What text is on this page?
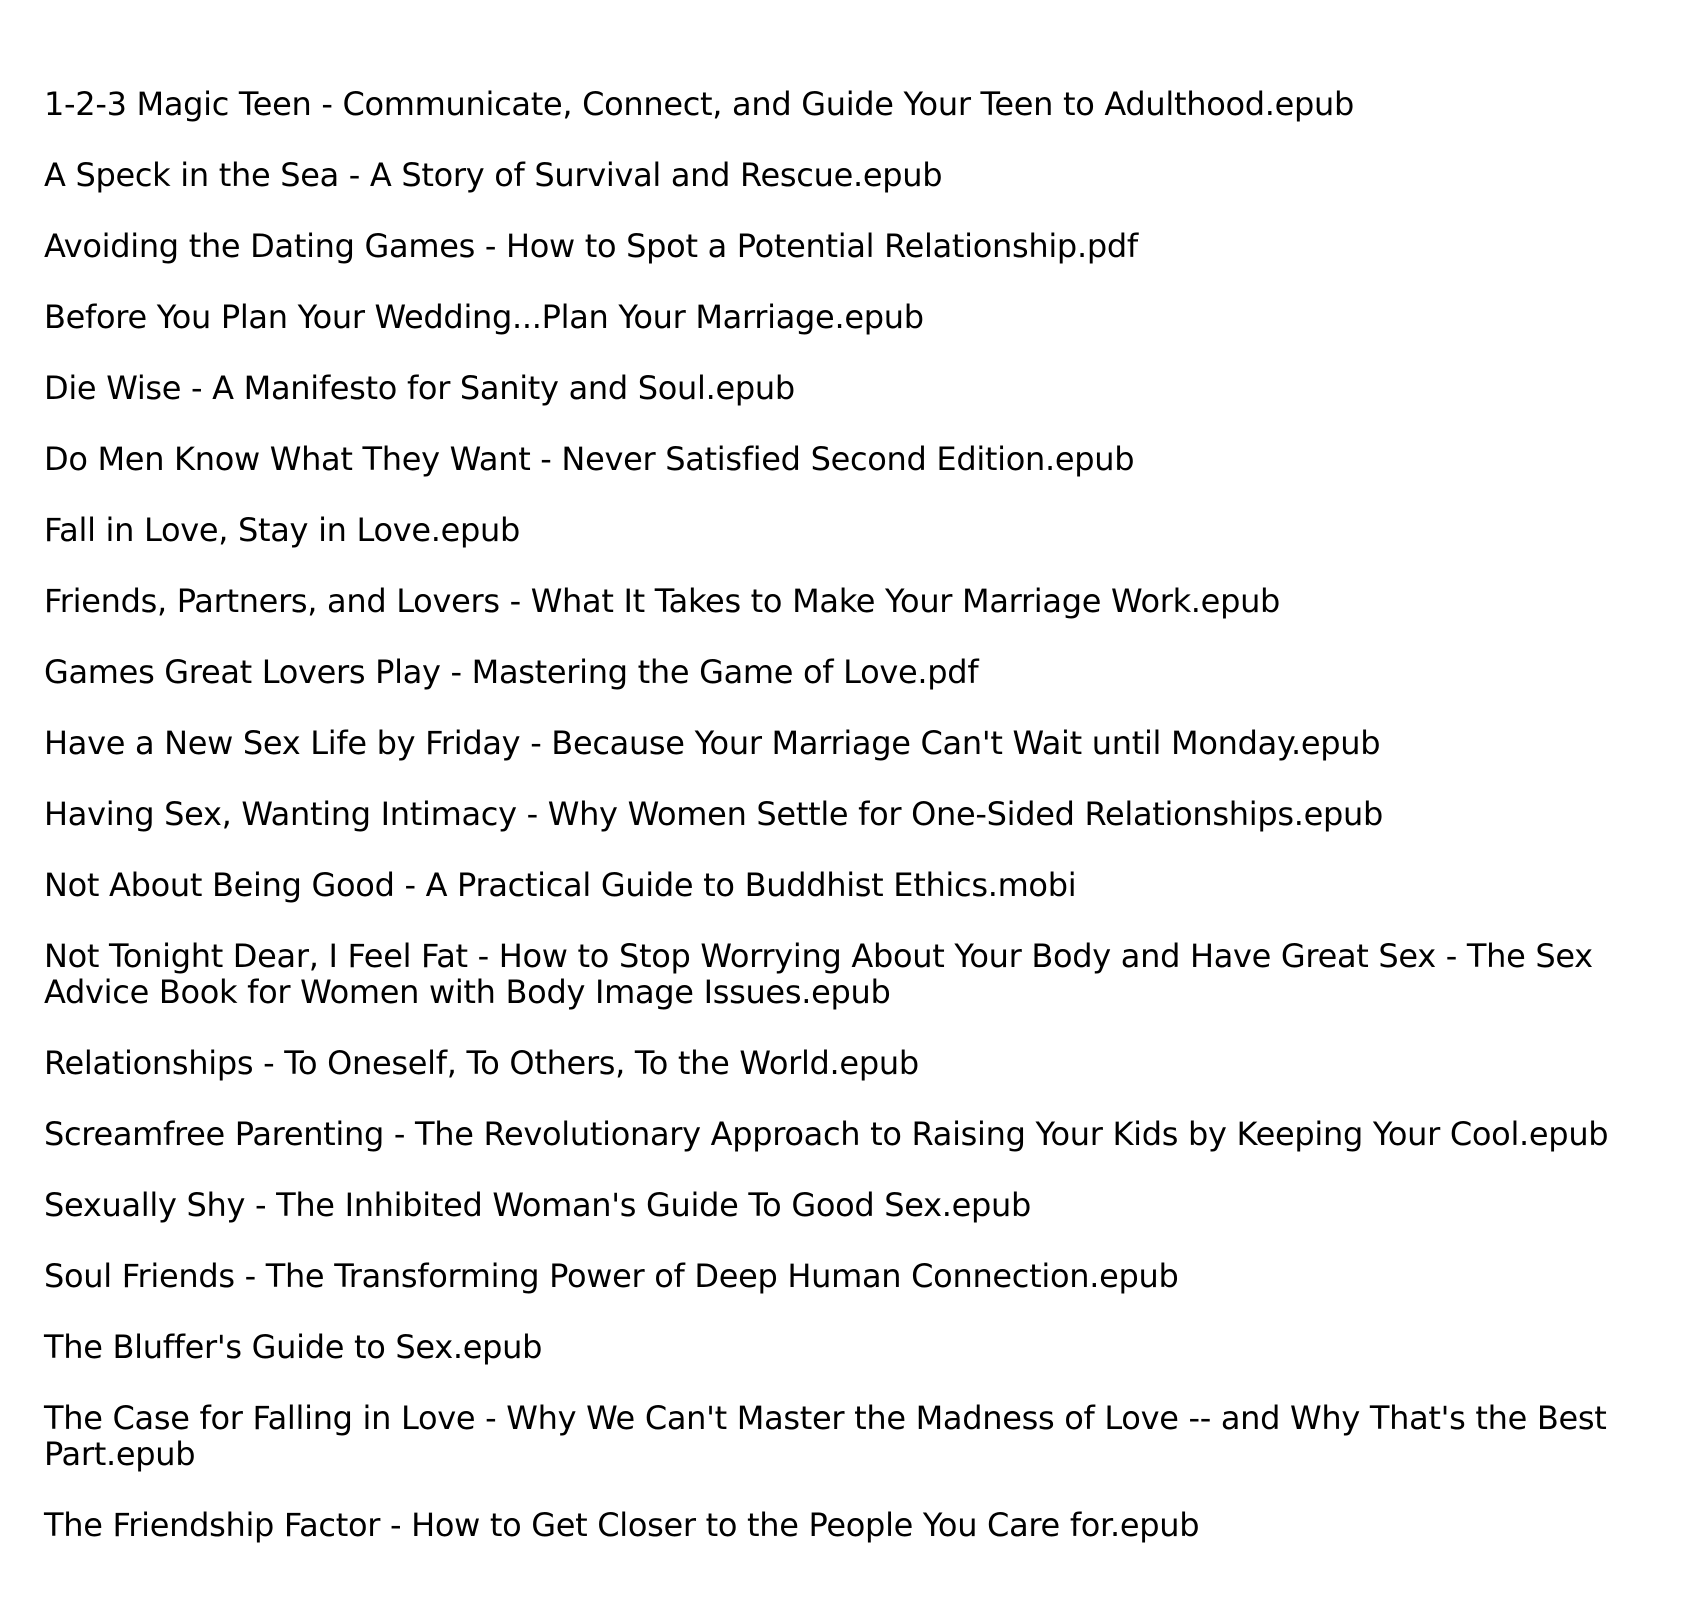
1-2-3 Magic Teen - Communicate, Connect, and Guide Your Teen to Adulthood.epub
A Speck in the Sea - A Story of Survival and Rescue.epub
Avoiding the Dating Games - How to Spot a Potential Relationship.pdf
Before You Plan Your Wedding...Plan Your Marriage.epub
Die Wise - A Manifesto for Sanity and Soul.epub
Do Men Know What They Want - Never Satisfied Second Edition.epub
Fall in Love, Stay in Love.epub
Friends, Partners, and Lovers - What It Takes to Make Your Marriage Work.epub
Games Great Lovers Play - Mastering the Game of Love.pdf
Have a New Sex Life by Friday - Because Your Marriage Can't Wait until Monday.epub
Having Sex, Wanting Intimacy - Why Women Settle for One-Sided Relationships.epub
Not About Being Good - A Practical Guide to Buddhist Ethics.mobi
Not Tonight Dear, I Feel Fat - How to Stop Worrying About Your Body and Have Great Sex - The Sex Advice Book for Women with Body Image Issues.epub
Relationships - To Oneself, To Others, To the World.epub
Screamfree Parenting - The Revolutionary Approach to Raising Your Kids by Keeping Your Cool.epub
Sexually Shy - The Inhibited Woman's Guide To Good Sex.epub
Soul Friends - The Transforming Power of Deep Human Connection.epub
The Bluffer's Guide to Sex.epub
The Case for Falling in Love - Why We Can't Master the Madness of Love -- and Why That's the Best Part.epub
The Friendship Factor - How to Get Closer to the People You Care for.epub
